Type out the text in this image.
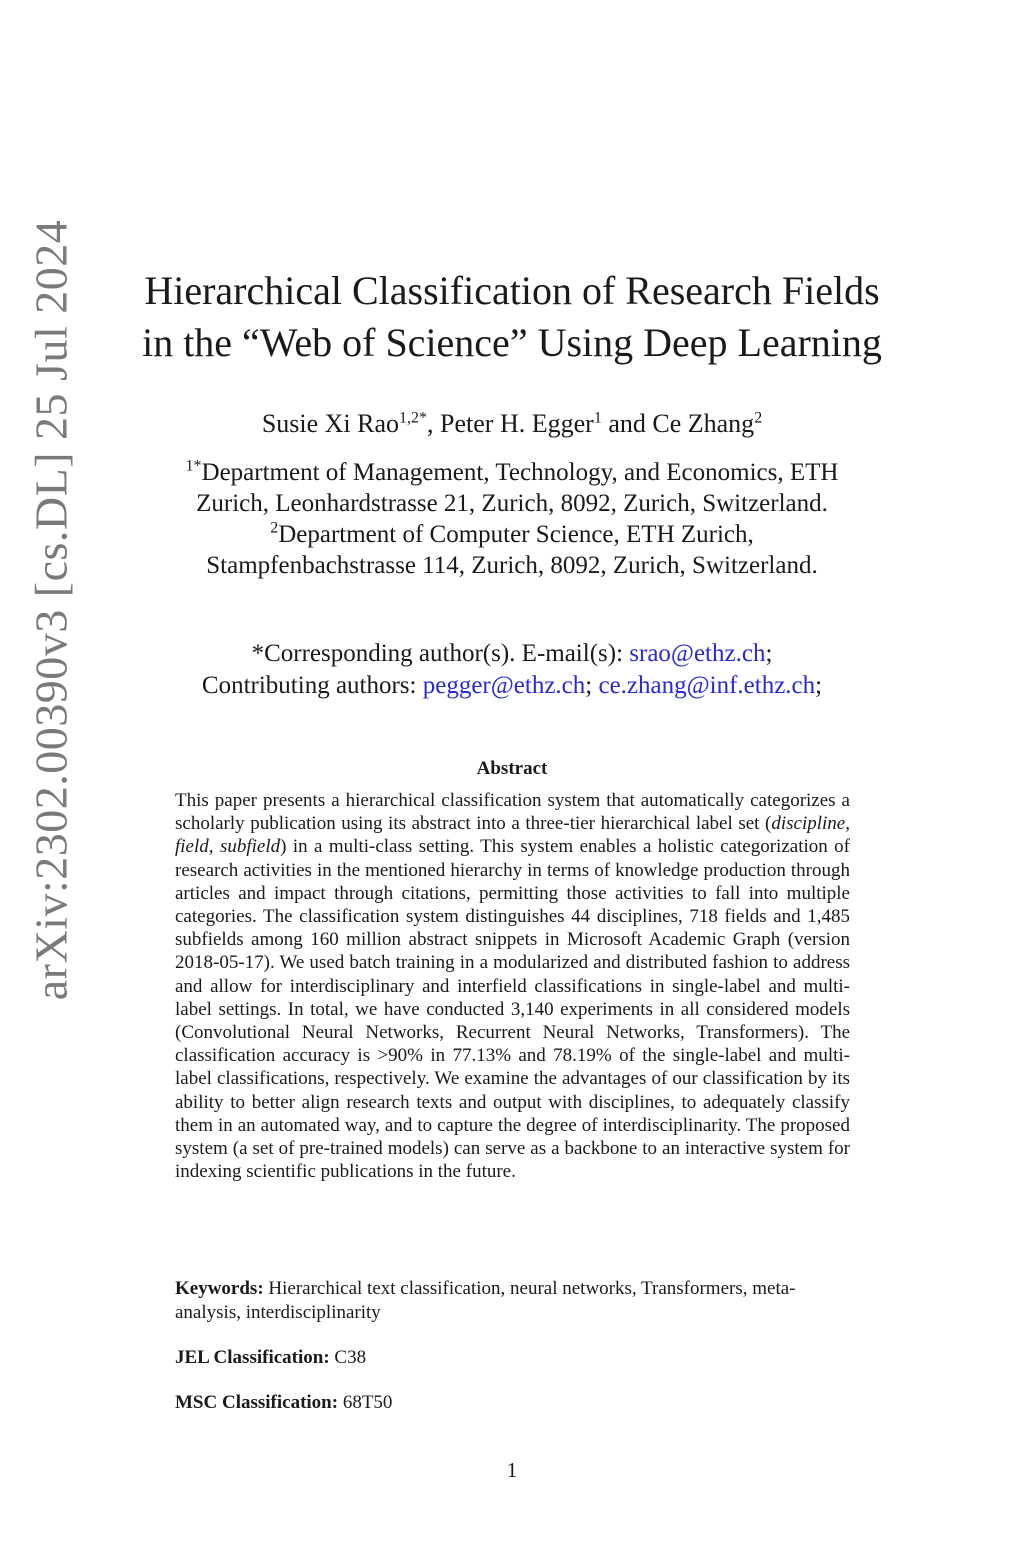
arXiv:2302.00390v3 [cs.DL] 25 Jul 2024	Hierarchical Classification of Research Fields
in the “Web of Science” Using Deep Learning
Susie Xi Rao$^{1,2*}$, Peter H. Egger$^1$ and Ce Zhang$^2$
$^{1*}$Department of Management, Technology, and Economics, ETH
Zurich, Leonhardstrasse 21, Zurich, 8092, Zurich, Switzerland.
$^2$Department of Computer Science, ETH Zurich,
Stampfenbachstrasse 114, Zurich, 8092, Zurich, Switzerland.
*Corresponding author(s). E-mail(s): srao@ethz.ch;
Contributing authors: pegger@ethz.ch; ce.zhang@inf.ethz.ch;
Abstract
This paper presents a hierarchical classification system that automatically categorizes a scholarly publication using its abstract into a three-tier hierarchical label set (discipline, field, subfield) in a multi-class setting. This system enables a holistic categorization of research activities in the mentioned hierarchy in terms of knowledge production through articles and impact through citations, permitting those activities to fall into multiple categories. The classification system distinguishes 44 disciplines, 718 fields and 1,485 subfields among 160 million abstract snippets in Microsoft Academic Graph (version 2018-05-17). We used batch training in a modularized and distributed fashion to address and allow for interdisciplinary and interfield classifications in single-label and multi-label settings. In total, we have conducted 3,140 experiments in all considered models (Convolutional Neural Networks, Recurrent Neural Networks, Transformers). The classification accuracy is >90% in 77.13% and 78.19% of the single-label and multi-label classifications, respectively. We examine the advantages of our classification by its ability to better align research texts and output with disciplines, to adequately classify them in an automated way, and to capture the degree of interdisciplinarity. The proposed system (a set of pre-trained models) can serve as a backbone to an interactive system for indexing scientific publications in the future.
Keywords: Hierarchical text classification, neural networks, Transformers, meta-analysis, interdisciplinarity
JEL Classification: C38
MSC Classification: 68T50
1
